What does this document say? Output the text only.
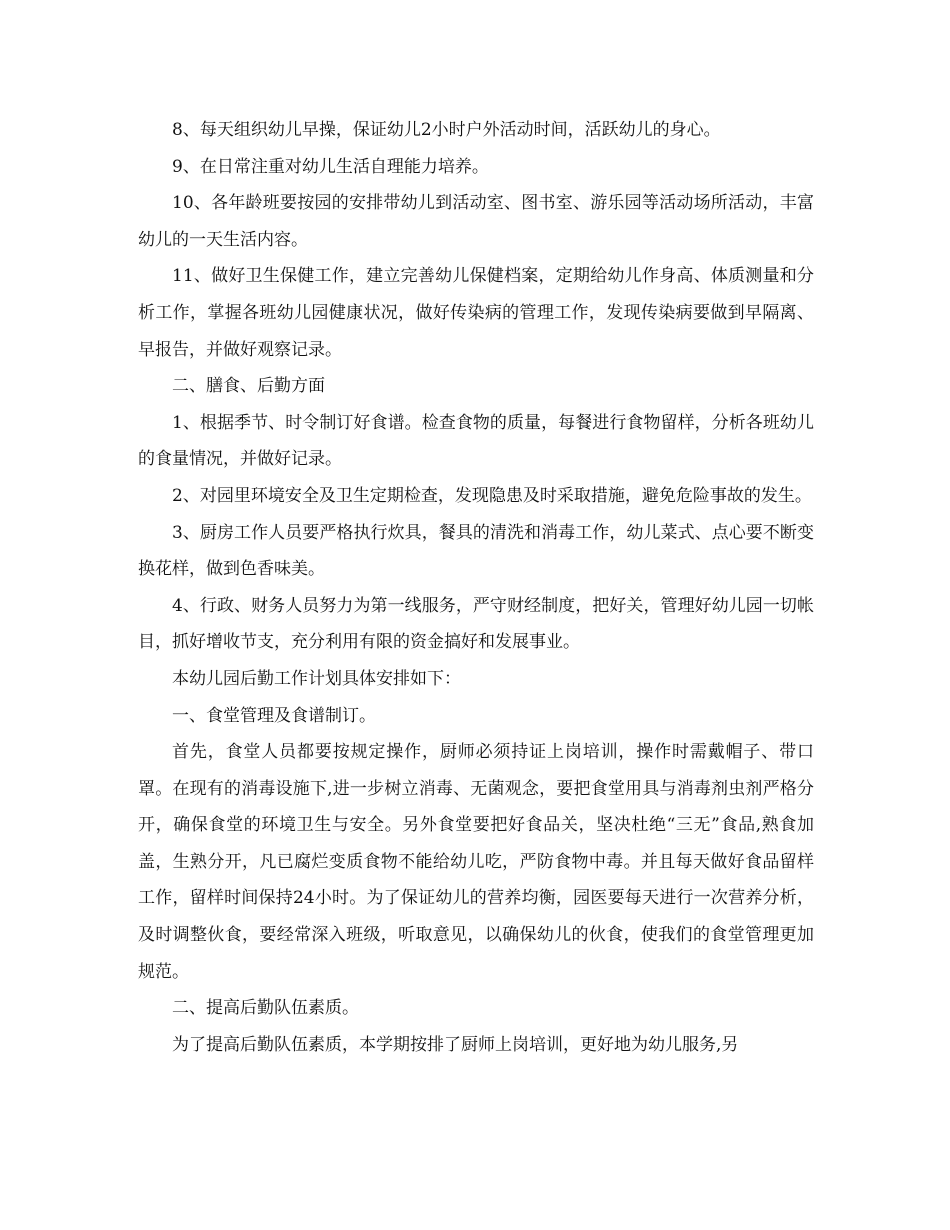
8、每天组织幼儿早操，保证幼儿2小时户外活动时间，活跃幼儿的身心。

9、在日常注重对幼儿生活自理能力培养。

10、各年龄班要按园的安排带幼儿到活动室、图书室、游乐园等活动场所活动，丰富幼儿的一天生活内容。

11、做好卫生保健工作，建立完善幼儿保健档案，定期给幼儿作身高、体质测量和分析工作，掌握各班幼儿园健康状况，做好传染病的管理工作，发现传染病要做到早隔离、早报告，并做好观察记录。

二、膳食、后勤方面

1、根据季节、时令制订好食谱。检查食物的质量，每餐进行食物留样，分析各班幼儿的食量情况，并做好记录。

2、对园里环境安全及卫生定期检查，发现隐患及时采取措施，避免危险事故的发生。

3、厨房工作人员要严格执行炊具，餐具的清洗和消毒工作，幼儿菜式、点心要不断变换花样，做到色香味美。

4、行政、财务人员努力为第一线服务，严守财经制度，把好关，管理好幼儿园一切帐目，抓好增收节支，充分利用有限的资金搞好和发展事业。

本幼儿园后勤工作计划具体安排如下：

一、食堂管理及食谱制订。

首先，食堂人员都要按规定操作，厨师必须持证上岗培训，操作时需戴帽子、带口罩。在现有的消毒设施下,进一步树立消毒、无菌观念，要把食堂用具与消毒剂虫剂严格分开，确保食堂的环境卫生与安全。另外食堂要把好食品关，坚决杜绝“三无”食品,熟食加盖，生熟分开，凡已腐烂变质食物不能给幼儿吃，严防食物中毒。并且每天做好食品留样工作，留样时间保持24小时。为了保证幼儿的营养均衡，园医要每天进行一次营养分析，及时调整伙食，要经常深入班级，听取意见，以确保幼儿的伙食，使我们的食堂管理更加规范。

二、提高后勤队伍素质。

为了提高后勤队伍素质，本学期按排了厨师上岗培训，更好地为幼儿服务,另
